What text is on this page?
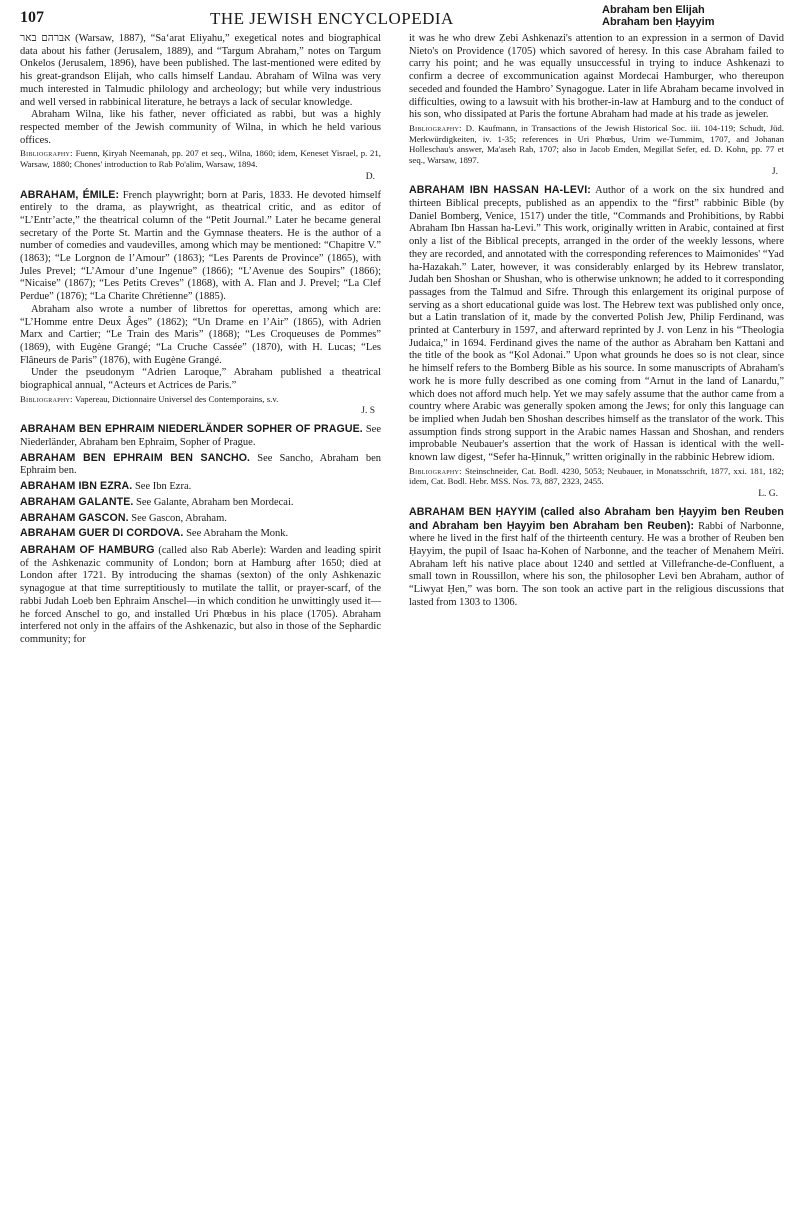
107	THE JEWISH ENCYCLOPEDIA	Abraham ben Elijah
Abraham ben Ḥayyim

אברהם באר (Warsaw, 1887), “Sa‘arat Eliyahu,” exegetical notes and biographical data about his father (Jerusalem, 1889), and “Targum Abraham,” notes on Targum Onkelos (Jerusalem, 1896), have been published. The last-mentioned were edited by his great-grandson Elijah, who calls himself Landau. Abraham of Wilna was very much interested in Talmudic philology and archeology; but while very industrious and well versed in rabbinical literature, he betrays a lack of secular knowledge.

Abraham Wilna, like his father, never officiated as rabbi, but was a highly respected member of the Jewish community of Wilna, in which he held various offices.

Bibliography: Fuenn, Ḳiryah Neemanah, pp. 207 et seq., Wilna, 1860; idem, Keneset Yisrael, p. 21, Warsaw, 1880; Chones' introduction to Rab Po'alim, Warsaw, 1894.

D.

ABRAHAM, ÉMILE: French playwright; born at Paris, 1833. He devoted himself entirely to the drama, as playwright, as theatrical critic, and as editor of “L’Entr’acte,” the theatrical column of the “Petit Journal.” Later he became general secretary of the Porte St. Martin and the Gymnase theaters. He is the author of a number of comedies and vaudevilles, among which may be mentioned: “Chapitre V.” (1863); “Le Lorgnon de l’Amour” (1863); “Les Parents de Province” (1865), with Jules Prevel; “L’Amour d’une Ingenue” (1866); “L’Avenue des Soupirs” (1866); “Nicaise” (1867); “Les Petits Creves” (1868), with A. Flan and J. Prevel; “La Clef Perdue” (1876); “La Charite Chrétienne” (1885).

Abraham also wrote a number of librettos for operettas, among which are: “L’Homme entre Deux Âges” (1862); “Un Drame en l’Air” (1865), with Adrien Marx and Cartier; “Le Train des Maris” (1868); “Les Croqueuses de Pommes” (1869), with Eugène Grangé; “La Cruche Cassée” (1870), with H. Lucas; “Les Flâneurs de Paris” (1876), with Eugène Grangé.

Under the pseudonym “Adrien Laroque,” Abraham published a theatrical biographical annual, “Acteurs et Actrices de Paris.”

Bibliography: Vapereau, Dictionnaire Universel des Contemporains, s.v.

J. S

ABRAHAM BEN EPHRAIM NIEDERLÄNDER SOPHER OF PRAGUE. See Niederländer, Abraham ben Ephraim, Sopher of Prague.

ABRAHAM BEN EPHRAIM BEN SANCHO. See Sancho, Abraham ben Ephraim ben.

ABRAHAM IBN EZRA. See Ibn Ezra.

ABRAHAM GALANTE. See Galante, Abraham ben Mordecai.

ABRAHAM GASCON. See Gascon, Abraham.

ABRAHAM GUER DI CORDOVA. See Abraham the Monk.

ABRAHAM OF HAMBURG (called also Rab Aberle): Warden and leading spirit of the Ashkenazic community of London; born at Hamburg after 1650; died at London after 1721. By introducing the shamas (sexton) of the only Ashkenazic synagogue at that time surreptitiously to mutilate the tallit, or prayer-scarf, of the rabbi Judah Loeb ben Ephraim Anschel—in which condition he unwittingly used it—he forced Anschel to go, and installed Uri Phœbus in his place (1705). Abraham interfered not only in the affairs of the Ashkenazic, but also in those of the Sephardic community; for

it was he who drew Ẓebi Ashkenazi's attention to an expression in a sermon of David Nieto's on Providence (1705) which savored of heresy. In this case Abraham failed to carry his point; and he was equally unsuccessful in trying to induce Ashkenazi to confirm a decree of excommunication against Mordecai Hamburger, who thereupon seceded and founded the Hambro’ Synagogue. Later in life Abraham became involved in difficulties, owing to a lawsuit with his brother-in-law at Hamburg and to the conduct of his son, who dissipated at Paris the fortune Abraham had made at his trade as jeweler.

Bibliography: D. Kaufmann, in Transactions of the Jewish Historical Soc. iii. 104-119; Schudt, Jüd. Merkwürdigkeiten, iv. 1-35; references in Uri Phœbus, Urim we-Tummim, 1707, and Johanan Holleschau's answer, Ma'aseh Rab, 1707; also in Jacob Emden, Megillat Sefer, ed. D. Kohn, pp. 77 et seq., Warsaw, 1897.

J.

ABRAHAM IBN HASSAN HA-LEVI: Author of a work on the six hundred and thirteen Biblical precepts, published as an appendix to the “first” rabbinic Bible (by Daniel Bomberg, Venice, 1517) under the title, “Commands and Prohibitions, by Rabbi Abraham Ibn Hassan ha-Levi.” This work, originally written in Arabic, contained at first only a list of the Biblical precepts, arranged in the order of the weekly lessons, where they are recorded, and annotated with the corresponding references to Maimonides' “Yad ha-Hazakah.” Later, however, it was considerably enlarged by its Hebrew translator, Judah ben Shoshan or Shushan, who is otherwise unknown; he added to it corresponding passages from the Talmud and Sifre. Through this enlargement its original purpose of serving as a short educational guide was lost. The Hebrew text was published only once, but a Latin translation of it, made by the converted Polish Jew, Philip Ferdinand, was printed at Canterbury in 1597, and afterward reprinted by J. von Lenz in his “Theologia Judaica,” in 1694. Ferdinand gives the name of the author as Abraham ben Kattani and the title of the book as “Ḳol Adonai.” Upon what grounds he does so is not clear, since he himself refers to the Bomberg Bible as his source. In some manuscripts of Abraham's work he is more fully described as one coming from “Arnut in the land of Lanardu,” which does not afford much help. Yet we may safely assume that the author came from a country where Arabic was generally spoken among the Jews; for only this language can be implied when Judah ben Shoshan describes himself as the translator of the work. This assumption finds strong support in the Arabic names Hassan and Shoshan, and renders improbable Neubauer's assertion that the work of Hassan is identical with the well-known law digest, “Sefer ha-Ḥinnuk,” written originally in the rabbinic Hebrew idiom.

Bibliography: Steinschneider, Cat. Bodl. 4230, 5053; Neubauer, in Monatsschrift, 1877, xxi. 181, 182; idem, Cat. Bodl. Hebr. MSS. Nos. 73, 887, 2323, 2455.

L. G.

ABRAHAM BEN ḤAYYIM (called also Abraham ben Ḥayyim ben Reuben and Abraham ben Ḥayyim ben Abraham ben Reuben): Rabbi of Narbonne, where he lived in the first half of the thirteenth century. He was a brother of Reuben ben Ḥayyim, the pupil of Isaac ha-Kohen of Narbonne, and the teacher of Menahem Meïri. Abraham left his native place about 1240 and settled at Villefranche-de-Confluent, a small town in Roussillon, where his son, the philosopher Levi ben Abraham, author of “Liwyat Ḥen,” was born. The son took an active part in the religious discussions that lasted from 1303 to 1306.
